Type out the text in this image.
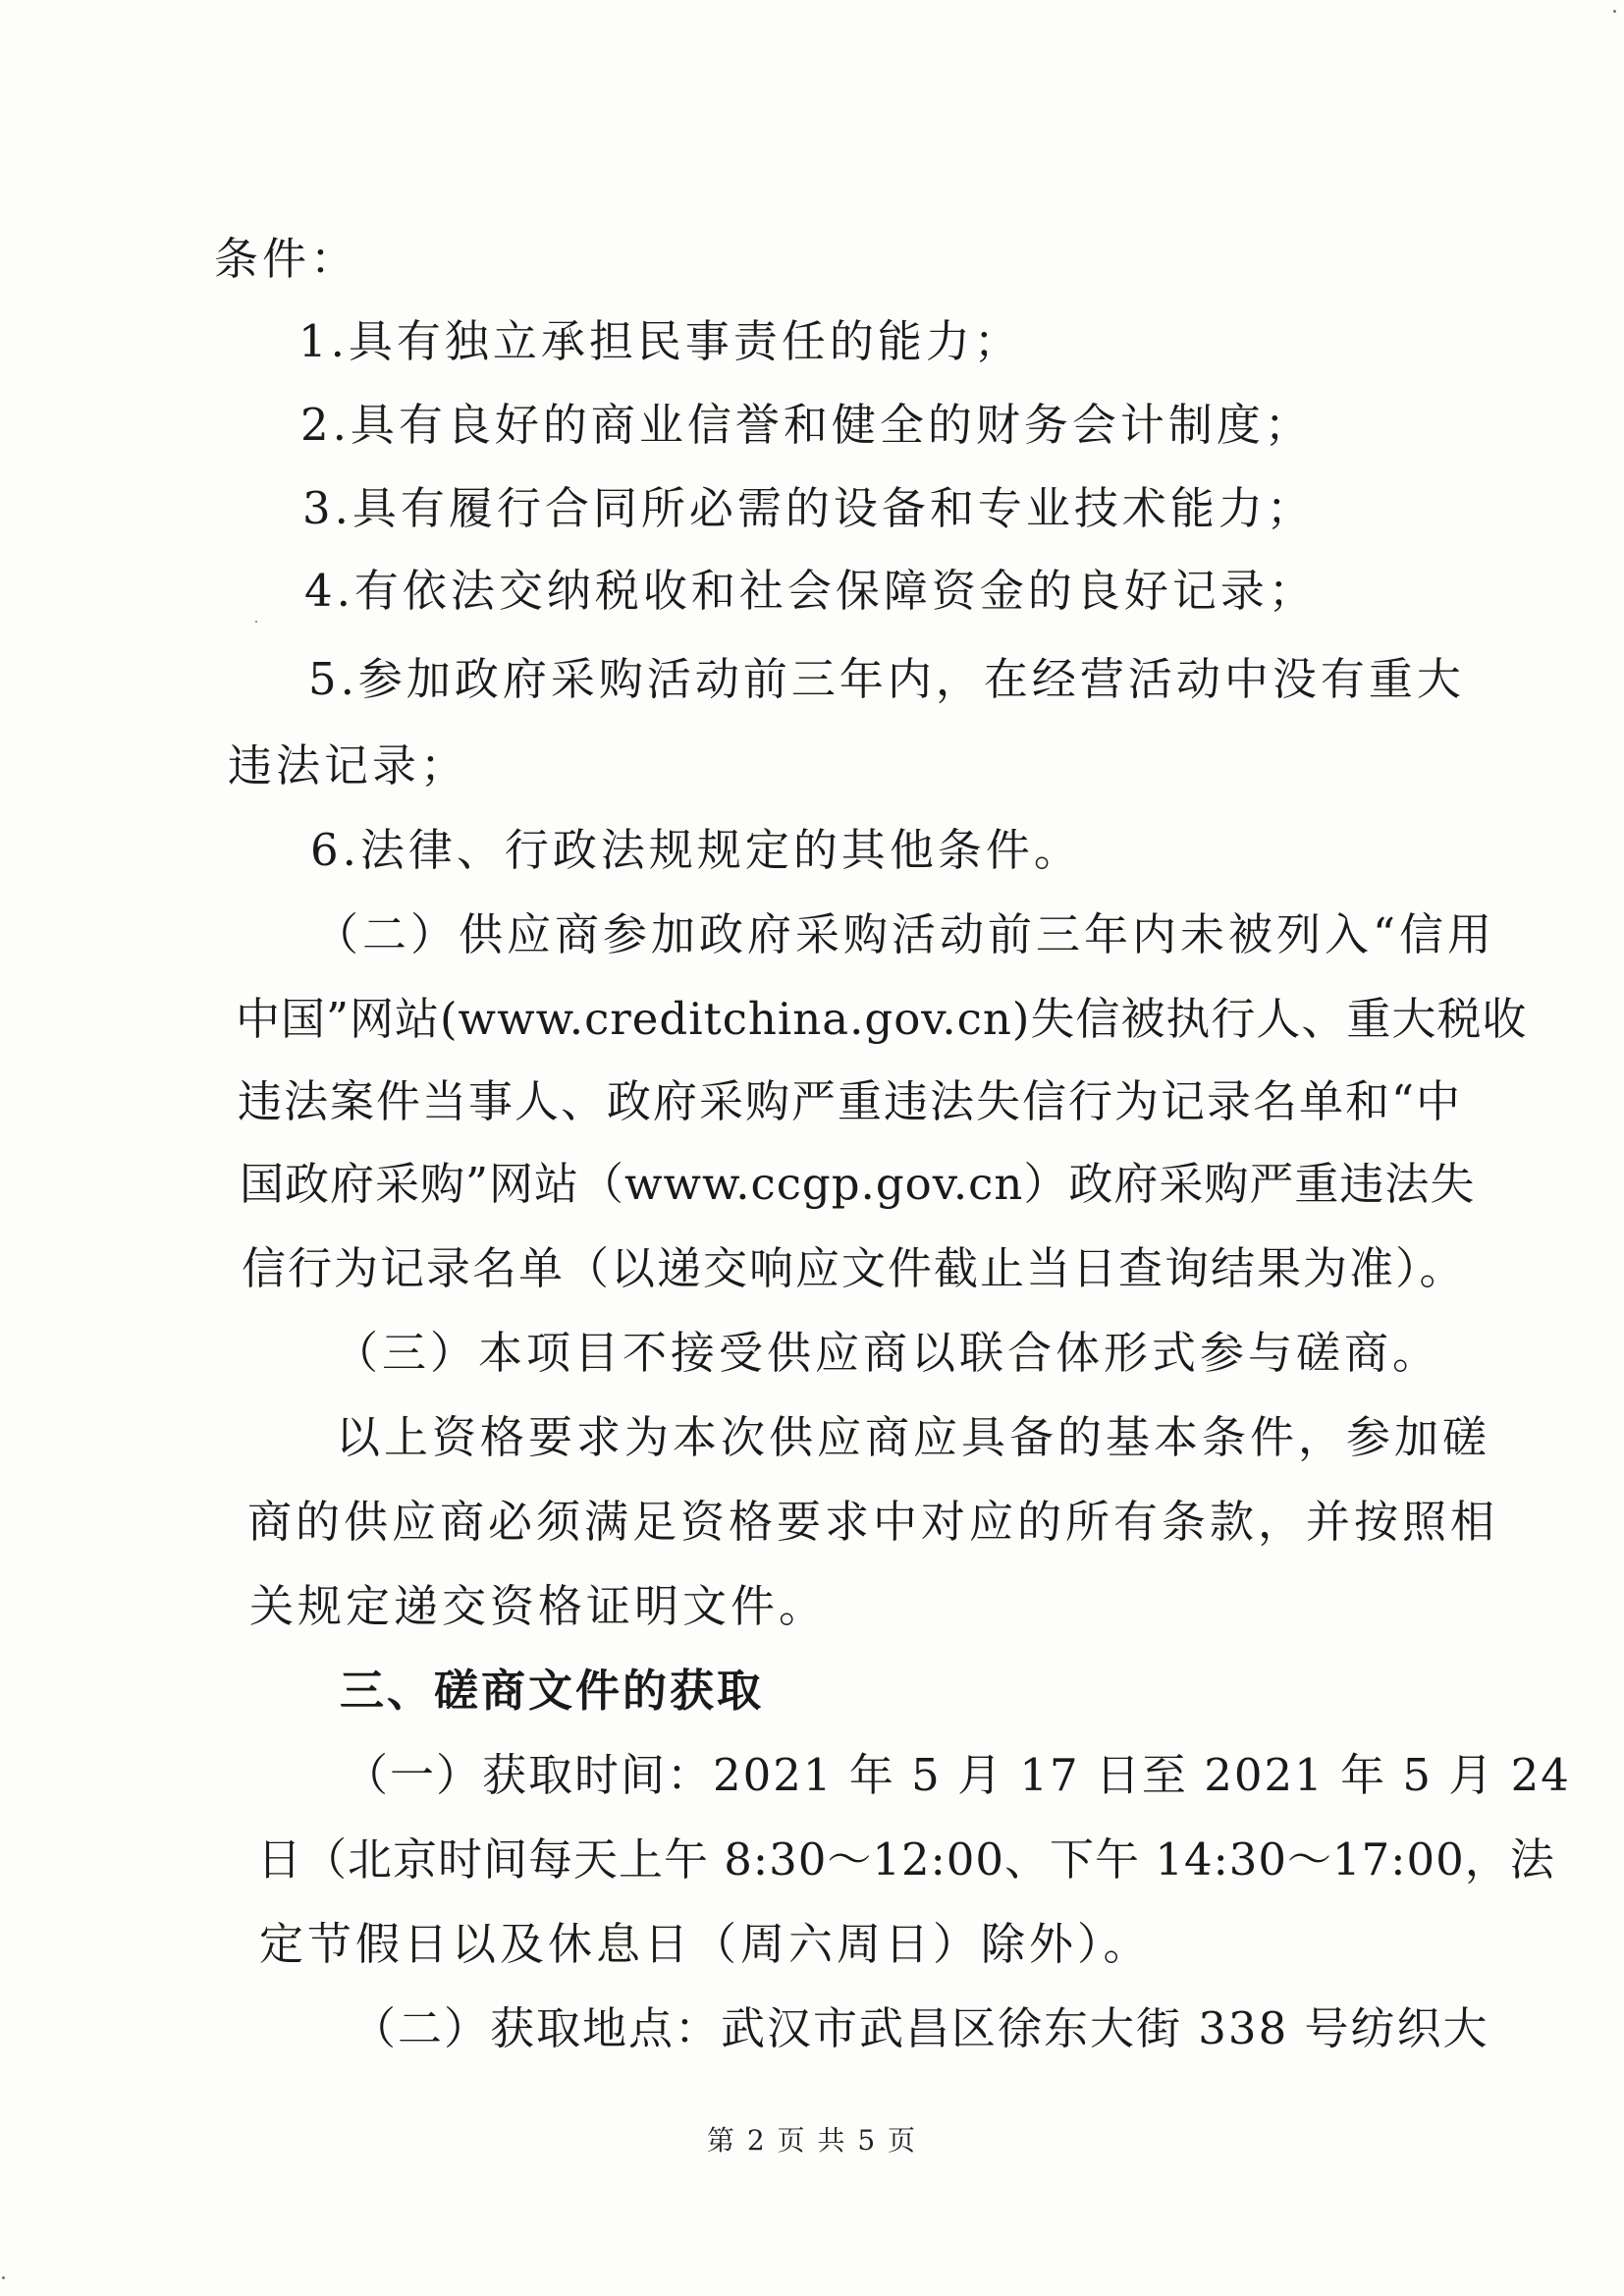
条件：
1.具有独立承担民事责任的能力；
2.具有良好的商业信誉和健全的财务会计制度；
3.具有履行合同所必需的设备和专业技术能力；
4.有依法交纳税收和社会保障资金的良好记录；
5.参加政府采购活动前三年内，在经营活动中没有重大
违法记录；
6.法律、行政法规规定的其他条件。
（二）供应商参加政府采购活动前三年内未被列入“信用
中国”网站(www.creditchina.gov.cn)失信被执行人、重大税收
违法案件当事人、政府采购严重违法失信行为记录名单和“中
国政府采购”网站（www.ccgp.gov.cn）政府采购严重违法失
信行为记录名单（以递交响应文件截止当日查询结果为准）。
（三）本项目不接受供应商以联合体形式参与磋商。
以上资格要求为本次供应商应具备的基本条件，参加磋
商的供应商必须满足资格要求中对应的所有条款，并按照相
关规定递交资格证明文件。
三、磋商文件的获取
（一）获取时间：2021 年 5 月 17 日至 2021 年 5 月 24
日（北京时间每天上午 8:30～12:00、下午 14:30～17:00，法
定节假日以及休息日（周六周日）除外）。
（二）获取地点：武汉市武昌区徐东大街 338 号纺织大
第 2 页 共 5 页
